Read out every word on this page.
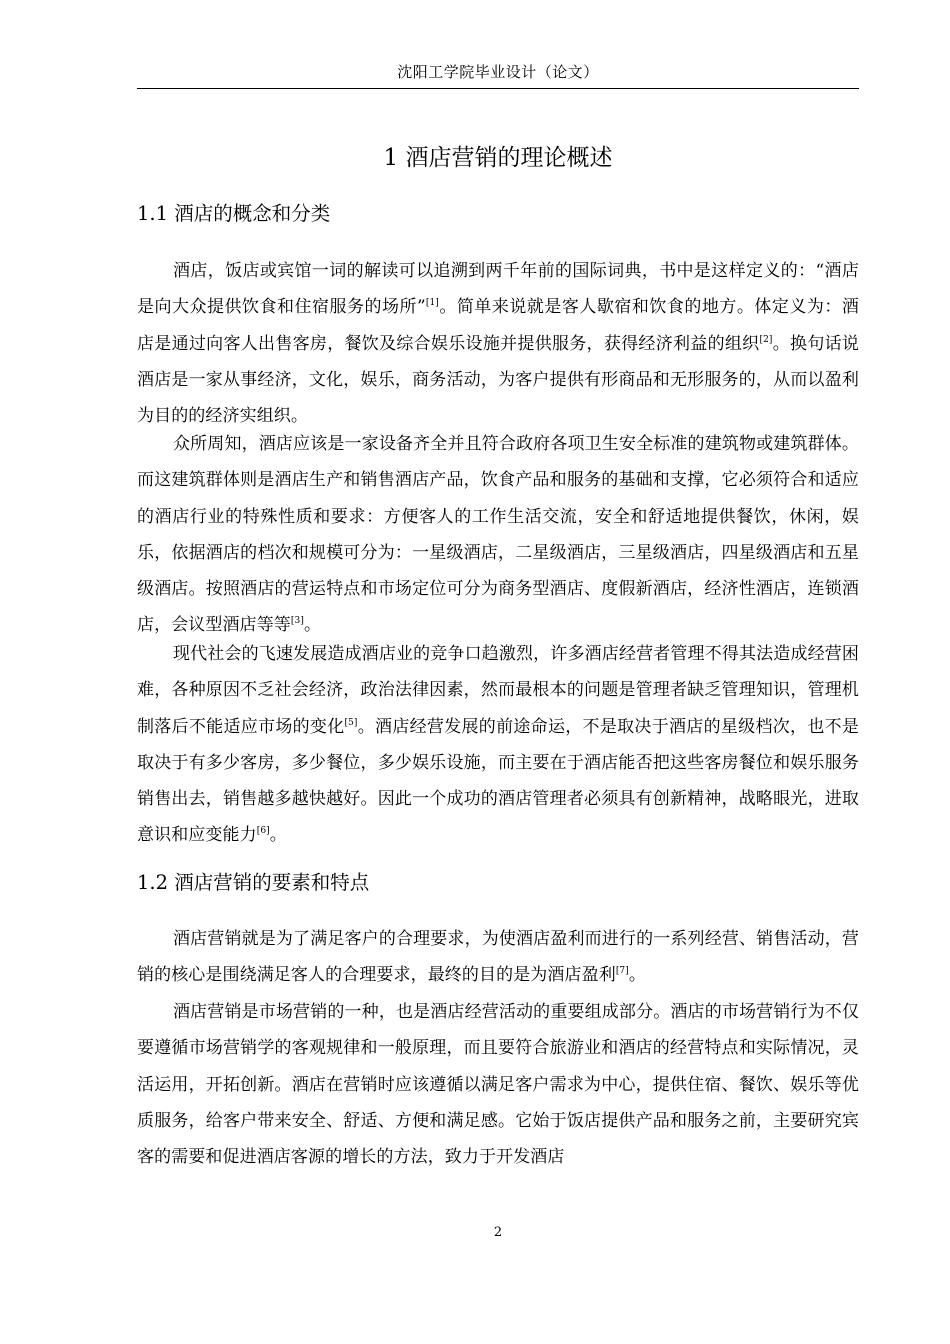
沈阳工学院毕业设计（论文）
1 酒店营销的理论概述
1.1 酒店的概念和分类

酒店，饭店或宾馆一词的解读可以追溯到两千年前的国际词典，书中是这样定义的：“酒店是向大众提供饮食和住宿服务的场所”[1]。简单来说就是客人歇宿和饮食的地方。体定义为：酒店是通过向客人出售客房，餐饮及综合娱乐设施并提供服务，获得经济利益的组织[2]。换句话说酒店是一家从事经济，文化，娱乐，商务活动，为客户提供有形商品和无形服务的，从而以盈利为目的的经济实组织。

众所周知，酒店应该是一家设备齐全并且符合政府各项卫生安全标准的建筑物或建筑群体。而这建筑群体则是酒店生产和销售酒店产品，饮食产品和服务的基础和支撑，它必须符合和适应的酒店行业的特殊性质和要求：方便客人的工作生活交流，安全和舒适地提供餐饮，休闲，娱乐，依据酒店的档次和规模可分为：一星级酒店，二星级酒店，三星级酒店，四星级酒店和五星级酒店。按照酒店的营运特点和市场定位可分为商务型酒店、度假新酒店，经济性酒店，连锁酒店，会议型酒店等等[3]。

现代社会的飞速发展造成酒店业的竞争口趋激烈，许多酒店经营者管理不得其法造成经营困难，各种原因不乏社会经济，政治法律因素，然而最根本的问题是管理者缺乏管理知识，管理机制落后不能适应市场的变化[5]。酒店经营发展的前途命运，不是取决于酒店的星级档次，也不是取决于有多少客房，多少餐位，多少娱乐设施，而主要在于酒店能否把这些客房餐位和娱乐服务销售出去，销售越多越快越好。因此一个成功的酒店管理者必须具有创新精神，战略眼光，进取意识和应变能力[6]。

1.2 酒店营销的要素和特点

酒店营销就是为了满足客户的合理要求，为使酒店盈利而进行的一系列经营、销售活动，营销的核心是围绕满足客人的合理要求，最终的目的是为酒店盈利[7]。

酒店营销是市场营销的一种，也是酒店经营活动的重要组成部分。酒店的市场营销行为不仅要遵循市场营销学的客观规律和一般原理，而且要符合旅游业和酒店的经营特点和实际情况，灵活运用，开拓创新。酒店在营销时应该遵循以满足客户需求为中心，提供住宿、餐饮、娱乐等优质服务，给客户带来安全、舒适、方便和满足感。它始于饭店提供产品和服务之前，主要研究宾客的需要和促进酒店客源的增长的方法，致力于开发酒店

2
